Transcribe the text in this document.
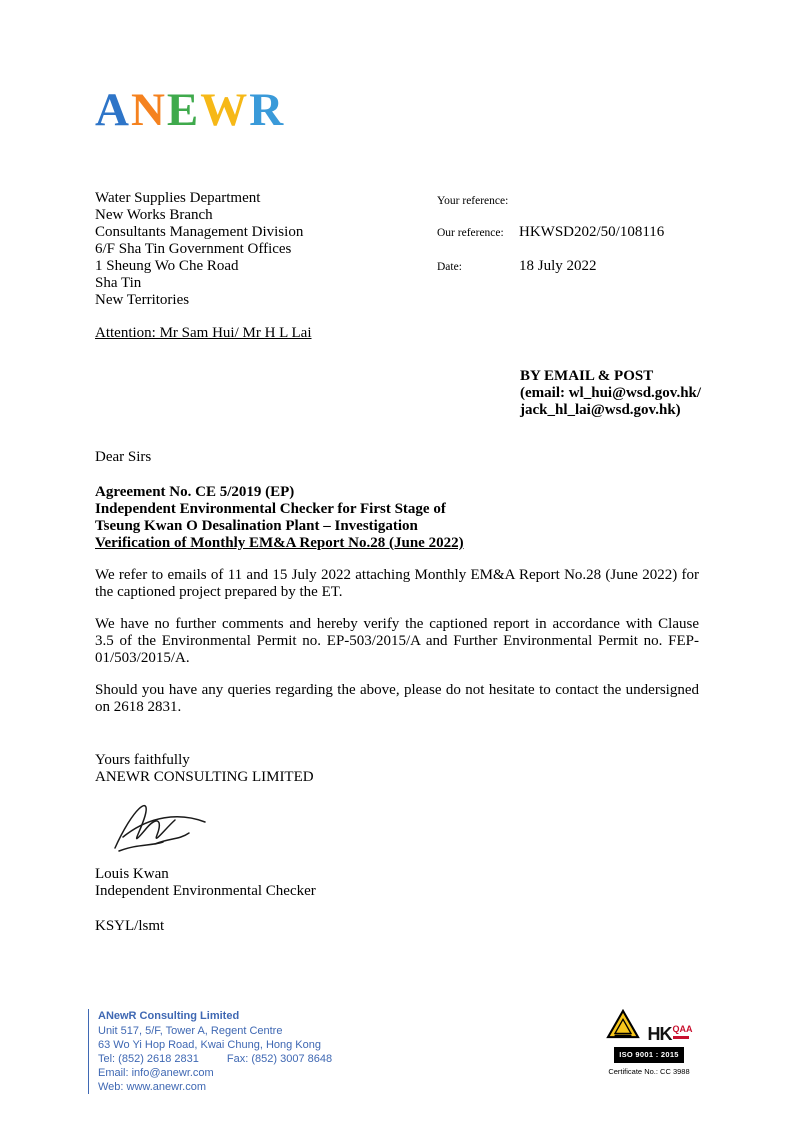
ANEWR
Water Supplies Department
New Works Branch
Consultants Management Division
6/F Sha Tin Government Offices
1 Sheung Wo Che Road
Sha Tin
New Territories
Your reference:
Our reference:	HKWSD202/50/108116
Date:	18 July 2022
Attention: Mr Sam Hui/ Mr H L Lai
BY EMAIL & POST
(email: wl_hui@wsd.gov.hk/
jack_hl_lai@wsd.gov.hk)
Dear Sirs
Agreement No. CE 5/2019 (EP)
Independent Environmental Checker for First Stage of
Tseung Kwan O Desalination Plant – Investigation
Verification of Monthly EM&A Report No.28 (June 2022)
We refer to emails of 11 and 15 July 2022 attaching Monthly EM&A Report No.28 (June 2022) for the captioned project prepared by the ET.
We have no further comments and hereby verify the captioned report in accordance with Clause 3.5 of the Environmental Permit no. EP-503/2015/A and Further Environmental Permit no. FEP-01/503/2015/A.
Should you have any queries regarding the above, please do not hesitate to contact the undersigned on 2618 2831.
Yours faithfully
ANEWR CONSULTING LIMITED
Louis Kwan
Independent Environmental Checker
KSYL/lsmt
ANewR Consulting Limited
Unit 517, 5/F, Tower A, Regent Centre
63 Wo Yi Hop Road, Kwai Chung, Hong Kong
Tel: (852) 2618 2831	Fax: (852) 3007 8648
Email: info@anewr.com
Web: www.anewr.com
HK QAA
ISO 9001 : 2015
Certificate No.: CC 3988
